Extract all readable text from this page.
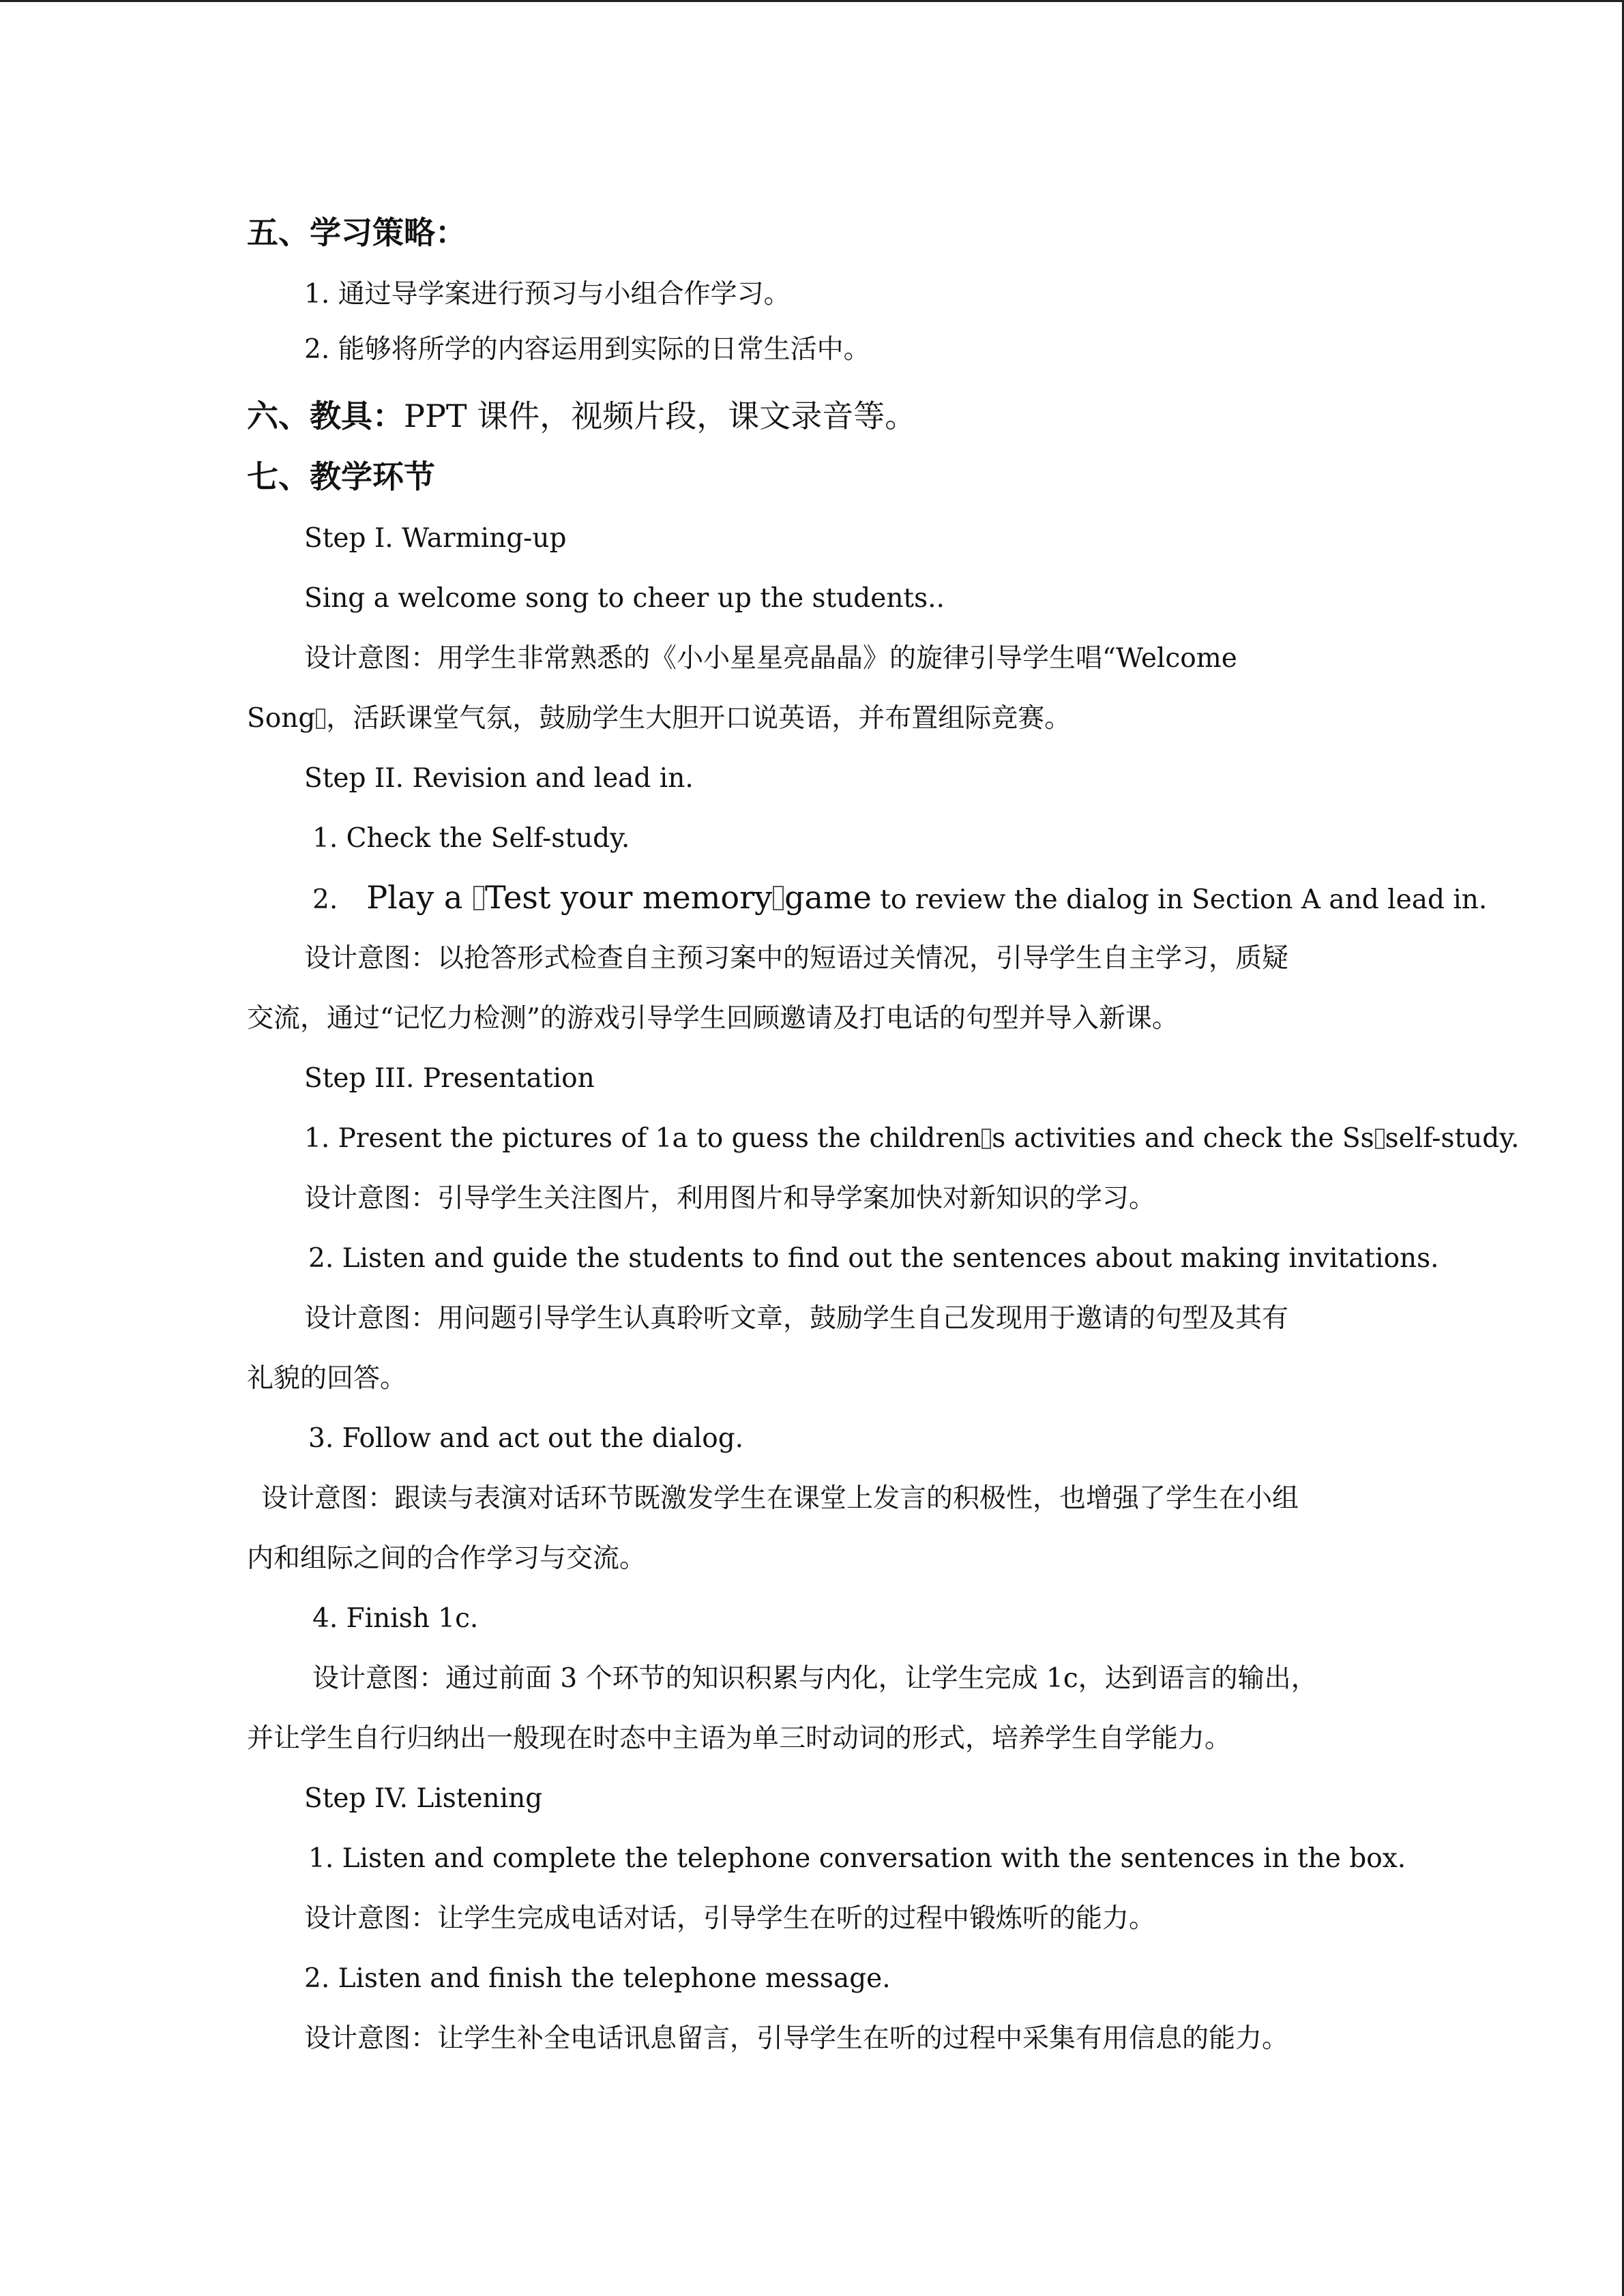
五、学习策略：
1. 通过导学案进行预习与小组合作学习。
2. 能够将所学的内容运用到实际的日常生活中。
六、教具：PPT 课件，视频片段，课文录音等。
七、教学环节
Step I. Warming-up
Sing a welcome song to cheer up the students..
设计意图：用学生非常熟悉的《小小星星亮晶晶》的旋律引导学生唱“Welcome
Song ，活跃课堂气氛，鼓励学生大胆开口说英语，并布置组际竞赛。
Step II. Revision and lead in.
1. Check the Self-study.
2. Play a Test your memory game to review the dialog in Section A and lead in.
设计意图：以抢答形式检查自主预习案中的短语过关情况，引导学生自主学习，质疑
交流，通过“记忆力检测”的游戏引导学生回顾邀请及打电话的句型并导入新课。
Step III. Presentation
1. Present the pictures of 1a to guess the children s activities and check the Ss self-study.
设计意图：引导学生关注图片，利用图片和导学案加快对新知识的学习。
2. Listen and guide the students to find out the sentences about making invitations.
设计意图：用问题引导学生认真聆听文章，鼓励学生自己发现用于邀请的句型及其有
礼貌的回答。
3. Follow and act out the dialog.
设计意图：跟读与表演对话环节既激发学生在课堂上发言的积极性，也增强了学生在小组
内和组际之间的合作学习与交流。
4. Finish 1c.
设计意图：通过前面 3 个环节的知识积累与内化，让学生完成 1c，达到语言的输出，
并让学生自行归纳出一般现在时态中主语为单三时动词的形式，培养学生自学能力。
Step IV. Listening
1. Listen and complete the telephone conversation with the sentences in the box.
设计意图：让学生完成电话对话，引导学生在听的过程中锻炼听的能力。
2. Listen and finish the telephone message.
设计意图：让学生补全电话讯息留言，引导学生在听的过程中采集有用信息的能力。
